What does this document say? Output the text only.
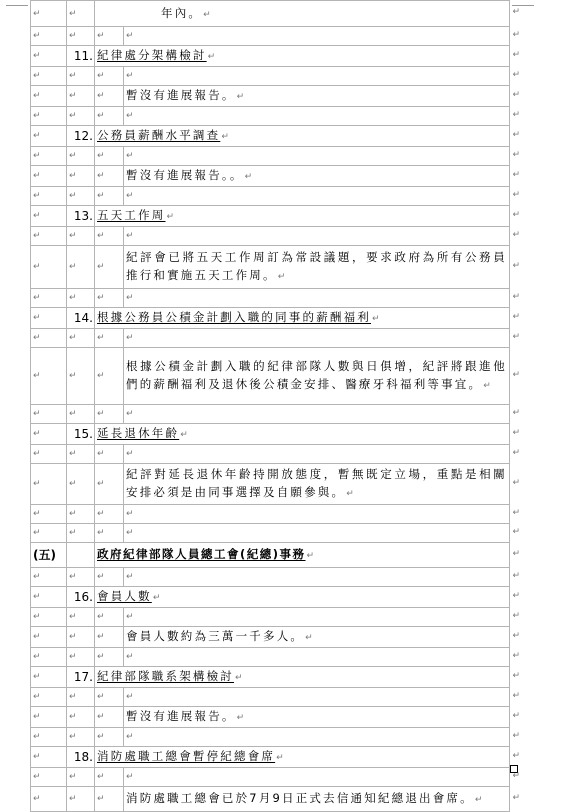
↵	↵	年內。↵	
↵	↵	↵	↵
↵	11.	紀律處分架構檢討↵	
↵	↵	↵	↵
↵	↵	↵	暫沒有進展報告。↵
↵	↵	↵	↵
↵	12.	公務員薪酬水平調查↵	
↵	↵	↵	↵
↵	↵	↵	暫沒有進展報告。。↵
↵	↵	↵	↵
↵	13.	五天工作周↵	
↵	↵	↵	↵
↵	↵	↵	紀評會已將五天工作周訂為常設議題，要求政府為所有公務員推行和實施五天工作周。↵
↵	↵	↵	↵
↵	14.	根據公務員公積金計劃入職的同事的薪酬福利↵	
↵	↵	↵	↵
↵	↵	↵	根據公積金計劃入職的紀律部隊人數與日俱增，紀評將跟進他們的薪酬福利及退休後公積金安排、醫療牙科福利等事宜。↵
↵	↵	↵	↵
↵	15.	延長退休年齡↵	
↵	↵	↵	↵
↵	↵	↵	紀評對延長退休年齡持開放態度，暫無既定立場，重點是相關安排必須是由同事選擇及自願參與。↵
↵	↵	↵	↵
↵	↵	↵	↵
(五)		政府紀律部隊人員總工會(紀總)事務↵	
↵	↵	↵	↵
↵	16.	會員人數↵	
↵	↵	↵	↵
↵	↵	↵	會員人數約為三萬一千多人。↵
↵	↵	↵	↵
↵	17.	紀律部隊職系架構檢討↵	
↵	↵	↵	↵
↵	↵	↵	暫沒有進展報告。↵
↵	↵	↵	↵
↵	18.	消防處職工總會暫停紀總會席↵	
↵	↵	↵	↵
↵	↵	↵	消防處職工總會已於7月9日正式去信通知紀總退出會席。↵
↵
↵
↵
↵
↵
↵
↵
↵
↵
↵
↵
↵
↵
↵
↵
↵
↵
↵
↵
↵
↵
↵
↵
↵
↵
↵
↵
↵
↵
↵
↵
↵
↵
↵
↵
↵
